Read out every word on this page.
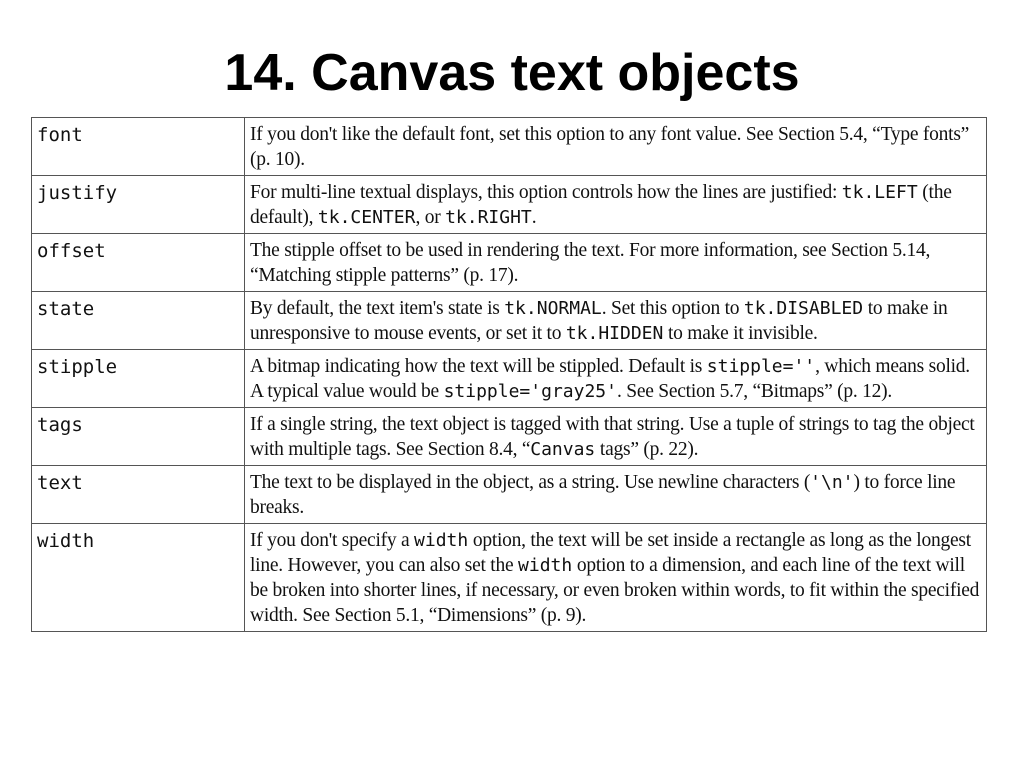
14. Canvas text objects
font	If you don't like the default font, set this option to any font value. See Section 5.4, “Type fonts” (p. 10).
justify	For multi-line textual displays, this option controls how the lines are justified: tk.LEFT (the default), tk.CENTER, or tk.RIGHT.
offset	The stipple offset to be used in rendering the text. For more information, see Section 5.14, “Matching stipple patterns” (p. 17).
state	By default, the text item's state is tk.NORMAL. Set this option to tk.DISABLED to make in unresponsive to mouse events, or set it to tk.HIDDEN to make it invisible.
stipple	A bitmap indicating how the text will be stippled. Default is stipple='', which means solid. A typical value would be stipple='gray25'. See Section 5.7, “Bitmaps” (p. 12).
tags	If a single string, the text object is tagged with that string. Use a tuple of strings to tag the object with multiple tags. See Section 8.4, “Canvas tags” (p. 22).
text	The text to be displayed in the object, as a string. Use newline characters ('\n') to force line breaks.
width	If you don't specify a width option, the text will be set inside a rectangle as long as the longest line. However, you can also set the width option to a dimension, and each line of the text will be broken into shorter lines, if necessary, or even broken within words, to fit within the specified width. See Section 5.1, “Dimensions” (p. 9).
